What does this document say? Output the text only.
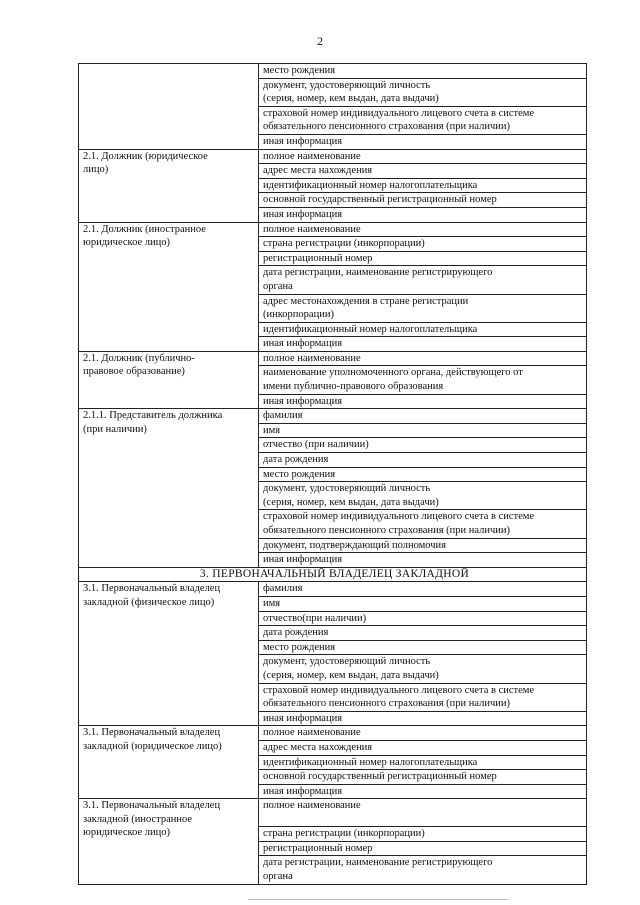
2
	место рождения
	документ, удостоверяющий личность
(серия, номер, кем выдан, дата выдачи)
	страховой номер индивидуального лицевого счета в системе
обязательного пенсионного страхования (при наличии)
	иная информация
2.1. Должник (юридическое
лицо)	полное наименование
	адрес места нахождения
	идентификационный номер налогоплательщика
	основной государственный регистрационный номер
	иная информация
2.1. Должник (иностранное
юридическое лицо)	полное наименование
	страна регистрации (инкорпорации)
	регистрационный номер
	дата регистрации, наименование регистрирующего
органа
	адрес местонахождения в стране регистрации
(инкорпорации)
	идентификационный номер налогоплательщика
	иная информация
2.1. Должник (публично-
правовое образование)	полное наименование
	наименование уполномоченного органа, действующего от
имени публично-правового образования
	иная информация
2.1.1. Представитель должника
(при наличии)	фамилия
	имя
	отчество (при наличии)
	дата рождения
	место рождения
	документ, удостоверяющий личность
(серия, номер, кем выдан, дата выдачи)
	страховой номер индивидуального лицевого счета в системе
обязательного пенсионного страхования (при наличии)
	документ, подтверждающий полномочия
	иная информация
3. ПЕРВОНАЧАЛЬНЫЙ ВЛАДЕЛЕЦ ЗАКЛАДНОЙ	
3.1. Первоначальный владелец
закладной (физическое лицо)	фамилия
	имя
	отчество(при наличии)
	дата рождения
	место рождения
	документ, удостоверяющий личность
(серия, номер, кем выдан, дата выдачи)
	страховой номер индивидуального лицевого счета в системе
обязательного пенсионного страхования (при наличии)
	иная информация
3.1. Первоначальный владелец
закладной (юридическое лицо)	полное наименование
	адрес места нахождения
	идентификационный номер налогоплательщика
	основной государственный регистрационный номер
	иная информация
3.1. Первоначальный владелец
закладной (иностранное
юридическое лицо)	полное наименование
	страна регистрации (инкорпорации)
	регистрационный номер
	дата регистрации, наименование регистрирующего
органа
